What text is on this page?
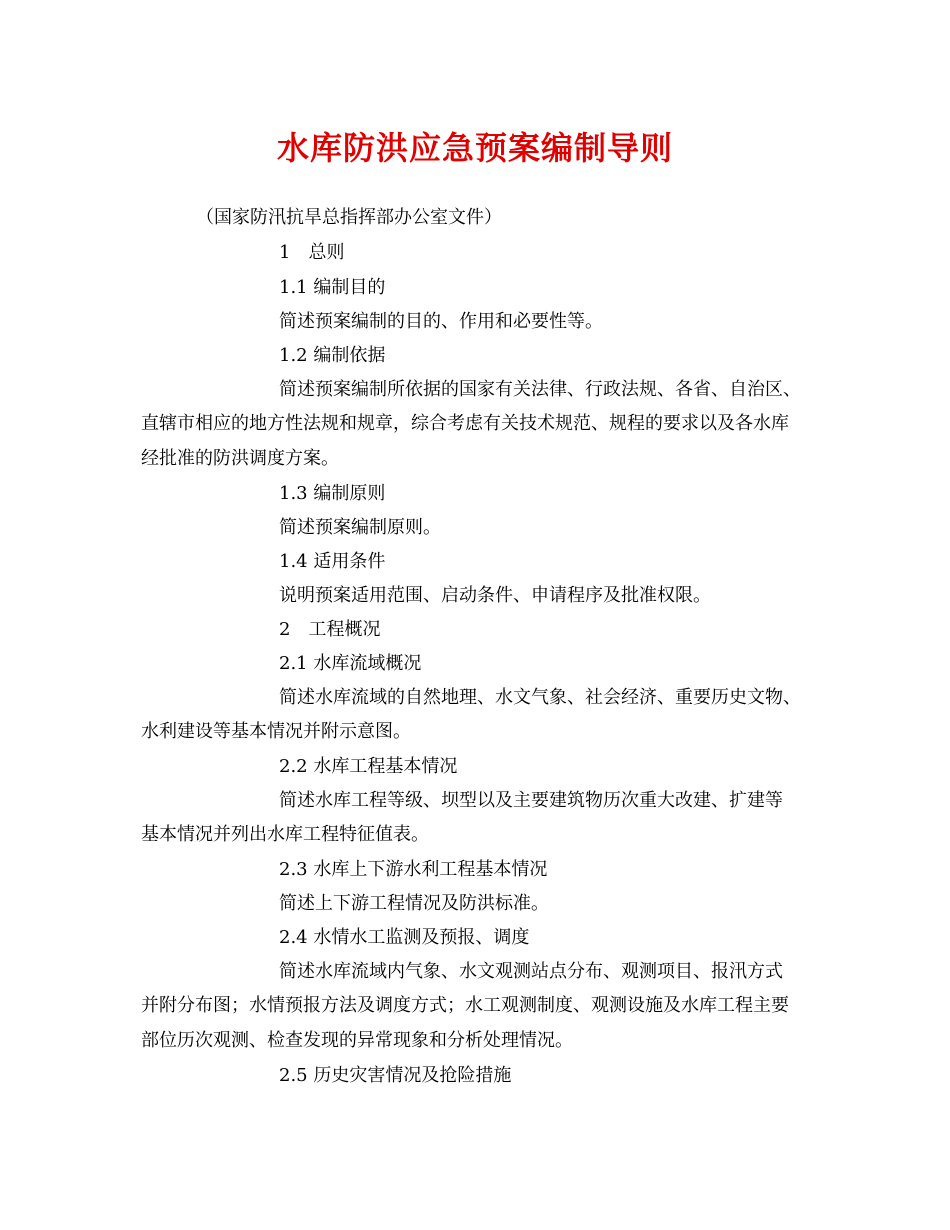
水库防洪应急预案编制导则
（国家防汛抗旱总指挥部办公室文件）
1　总则
1.1 编制目的
简述预案编制的目的、作用和必要性等。
1.2 编制依据
简述预案编制所依据的国家有关法律、行政法规、各省、自治区、
直辖市相应的地方性法规和规章，综合考虑有关技术规范、规程的要求以及各水库
经批准的防洪调度方案。
1.3 编制原则
简述预案编制原则。
1.4 适用条件
说明预案适用范围、启动条件、申请程序及批准权限。
2　工程概况
2.1 水库流域概况
简述水库流域的自然地理、水文气象、社会经济、重要历史文物、
水利建设等基本情况并附示意图。
2.2 水库工程基本情况
简述水库工程等级、坝型以及主要建筑物历次重大改建、扩建等
基本情况并列出水库工程特征值表。
2.3 水库上下游水利工程基本情况
简述上下游工程情况及防洪标准。
2.4 水情水工监测及预报、调度
简述水库流域内气象、水文观测站点分布、观测项目、报汛方式
并附分布图；水情预报方法及调度方式；水工观测制度、观测设施及水库工程主要
部位历次观测、检查发现的异常现象和分析处理情况。
2.5 历史灾害情况及抢险措施
